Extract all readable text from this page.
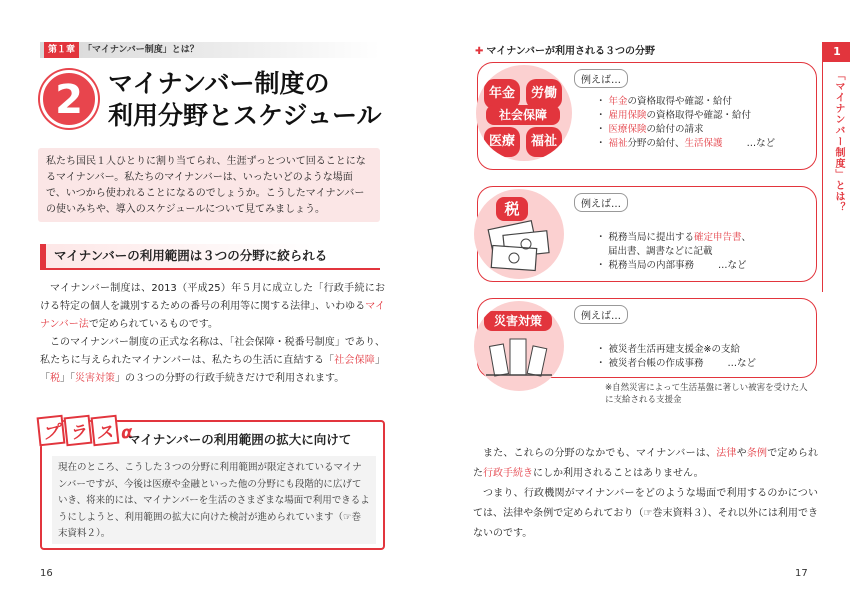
第１章 「マイナンバー制度」とは？
2	マイナンバー制度の
利用分野とスケジュール
私たち国民１人ひとりに割り当てられ、生涯ずっとついて回ることになるマイナンバー。私たちのマイナンバーは、いったいどのような場面で、いつから使われることになるのでしょうか。こうしたマイナンバーの使いみちや、導入のスケジュールについて見てみましょう。
マイナンバーの利用範囲は３つの分野に絞られる

マイナンバー制度は、2013（平成25）年５月に成立した「行政手続における特定の個人を識別するための番号の利用等に関する法律」、いわゆるマイナンバー法で定められているものです。

このマイナンバー制度の正式な名称は、「社会保障・税番号制度」であり、私たちに与えられたマイナンバーは、私たちの生活に直結する「社会保障」「税」「災害対策」の３つの分野の行政手続きだけで利用されます。

プ ラ ス α
マイナンバーの利用範囲の拡大に向けて
現在のところ、こうした３つの分野に利用範囲が限定されているマイナンバーですが、今後は医療や金融といった他の分野にも段階的に広げていき、将来的には、マイナンバーを生活のさまざまな場面で利用できるようにしようと、利用範囲の拡大に向けた検討が進められています（☞巻末資料２）。
16
✚ マイナンバーが利用される３つの分野
年金	労働
社会保障
医療	福祉
例えば…
・ 年金の資格取得や確認・給付
・ 雇用保険の資格取得や確認・給付
・ 医療保険の給付の請求
・ 福祉分野の給付、生活保護	…など
税	例えば…
・ 税務当局に提出する確定申告書、
届出書、調書などに記載
・ 税務当局の内部事務	…など
災害対策	例えば…
・ 被災者生活再建支援金※の支給
・ 被災者台帳の作成事務	…など
※自然災害によって生活基盤に著しい被害を受けた人に支給される支援金

また、これらの分野のなかでも、マイナンバーは、法律や条例で定められた行政手続きにしか利用されることはありません。

つまり、行政機関がマイナンバーをどのような場面で利用するのかについては、法律や条例で定められており（☞巻末資料３）、それ以外には利用できないのです。

1
「マイナンバー制度」とは？
17
